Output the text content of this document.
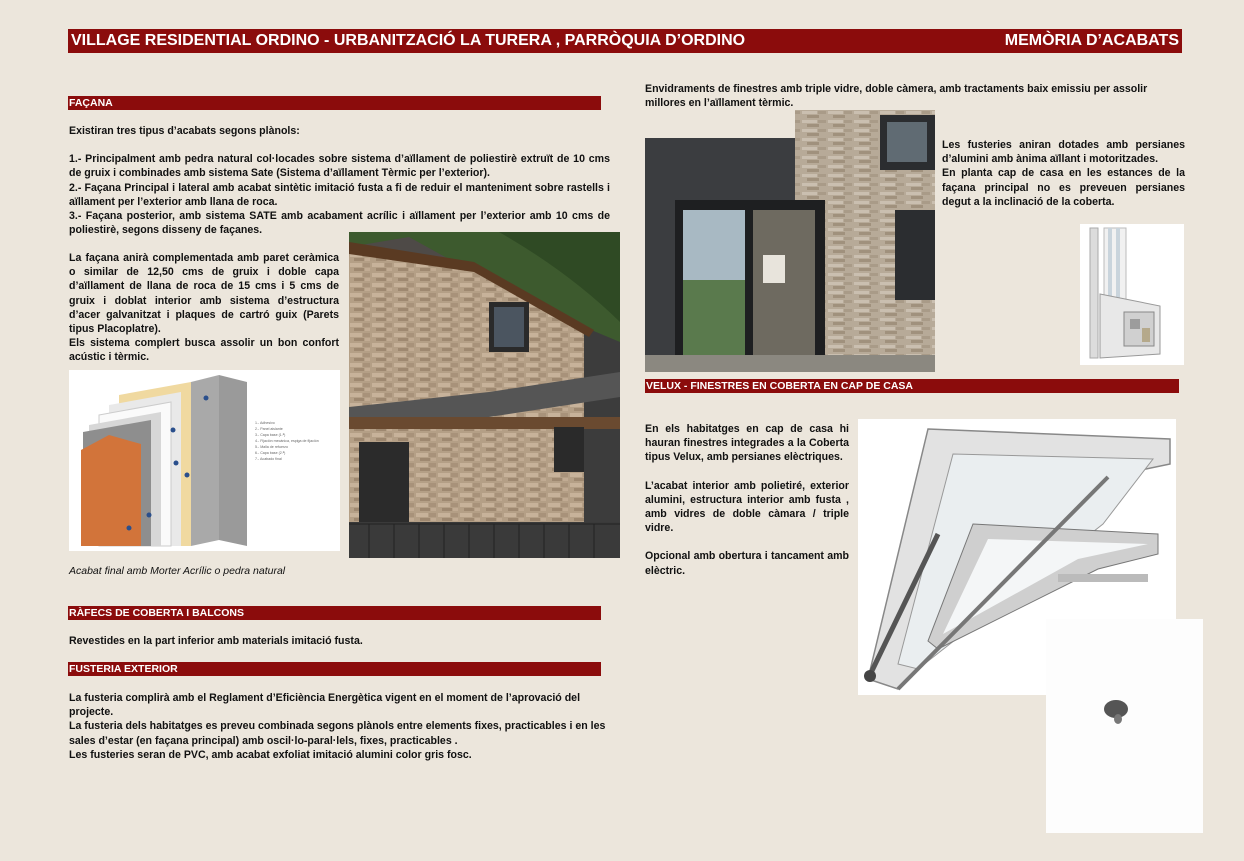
VILLAGE RESIDENTIAL ORDINO - URBANITZACIÓ LA TURERA , PARRÒQUIA D’ORDINO	MEMÒRIA D’ACABATS
FAÇANA

Existiran tres tipus d’acabats segons plànols:

1.- Principalment amb pedra natural col·locades sobre sistema d’aïllament de poliestirè extruït de 10 cms de gruix i combinades amb sistema Sate (Sistema d’aïllament Tèrmic per l’exterior).

2.- Façana Principal i lateral amb acabat sintètic imitació fusta a fi de reduir el manteniment sobre rastells i aïllament per l’exterior amb llana de roca.

3.- Façana posterior, amb sistema SATE amb acabament acrílic i aïllament per l’exterior amb 10 cms de poliestirè, segons disseny de façanes.

La façana anirà complementada amb paret ceràmica o similar de 12,50 cms de gruix i doble capa d’aïllament de llana de roca de 15 cms i 5 cms de gruix i doblat interior amb sistema d’estructura d’acer galvanitzat i plaques de cartró guix (Parets tipus Placoplatre).

Els sistema complert busca assolir un bon confort acústic i tèrmic.

1.- Adhesivo
2.- Panel aislante
3.- Capa base (1.ª)
4.- Fijación mecánica, espiga de fijación
5.- Malla de refuerzo
6.- Capa base (2.ª)
7.- Acabado final
Acabat final amb Morter Acrílic o pedra natural
RÀFECS DE COBERTA I BALCONS
Revestides en la part inferior amb materials imitació fusta.
FUSTERIA EXTERIOR

La fusteria complirà amb el Reglament d’Eficiència Energètica vigent en el moment de l’aprovació del projecte.

La fusteria dels habitatges es preveu combinada segons plànols entre elements fixes, practicables i en les sales d’estar (en façana principal) amb oscil·lo-paral·lels, fixes, practicables .

Les fusteries seran de PVC, amb acabat exfoliat imitació alumini color gris fosc.

Envidraments de finestres amb triple vidre, doble càmera, amb tractaments baix emissiu per assolir millores en l’aïllament tèrmic.

Les fusteries aniran dotades amb persianes d’alumini amb ànima aïllant i motoritzades.

En planta cap de casa en les estances de la façana principal no es preveuen persianes degut a la inclinació de la coberta.

VELUX - FINESTRES EN COBERTA EN CAP DE CASA

En els habitatges en cap de casa hi hauran finestres integrades a la Coberta tipus Velux, amb persianes elèctriques.

L’acabat interior amb polietiré, exterior alumini, estructura interior amb fusta , amb vidres de doble càmara / triple vidre.

Opcional amb obertura i tancament amb elèctric.
